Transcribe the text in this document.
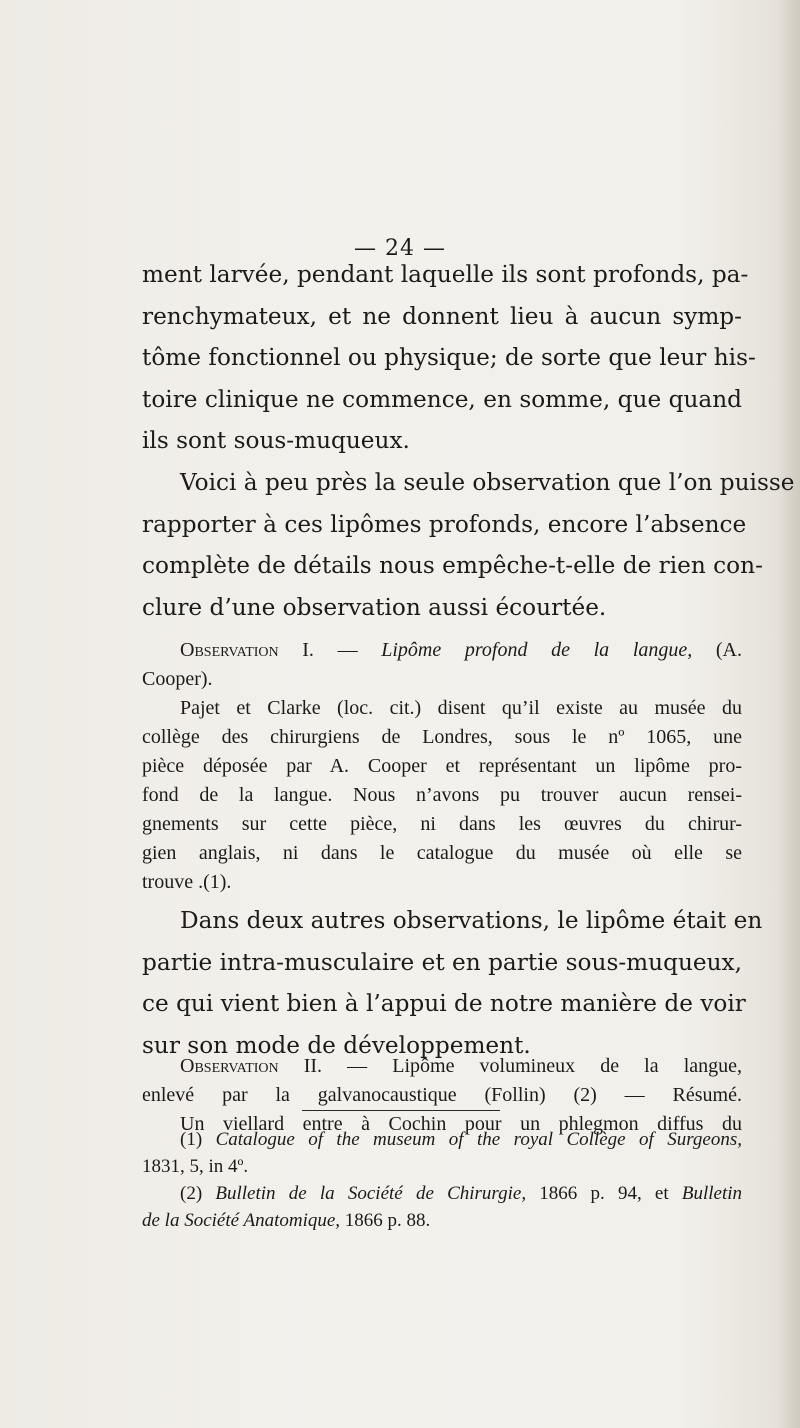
— 24 —
ment larvée, pendant laquelle ils sont profonds, pa-
renchymateux, et ne donnent lieu à aucun symp-
tôme fonctionnel ou physique; de sorte que leur his-
toire clinique ne commence, en somme, que quand
ils sont sous-muqueux.
Voici à peu près la seule observation que l’on puisse
rapporter à ces lipômes profonds, encore l’absence
complète de détails nous empêche-t-elle de rien con-
clure d’une observation aussi écourtée.
Observation I. — Lipôme profond de la langue, (A.
Cooper).
Pajet et Clarke (loc. cit.) disent qu’il existe au musée du
collège des chirurgiens de Londres, sous le nº 1065, une
pièce déposée par A. Cooper et représentant un lipôme pro-
fond de la langue. Nous n’avons pu trouver aucun rensei-
gnements sur cette pièce, ni dans les œuvres du chirur-
gien anglais, ni dans le catalogue du musée où elle se
trouve .(1).
Dans deux autres observations, le lipôme était en
partie intra-musculaire et en partie sous-muqueux,
ce qui vient bien à l’appui de notre manière de voir
sur son mode de développement.
Observation II. — Lipôme volumineux de la langue,
enlevé par la galvanocaustique (Follin) (2) — Résumé.
Un viellard entre à Cochin pour un phlegmon diffus du
(1) Catalogue of the museum of the royal Collège of Surgeons,
1831, 5, in 4º.
(2) Bulletin de la Société de Chirurgie, 1866 p. 94, et Bulletin
de la Société Anatomique, 1866 p. 88.
